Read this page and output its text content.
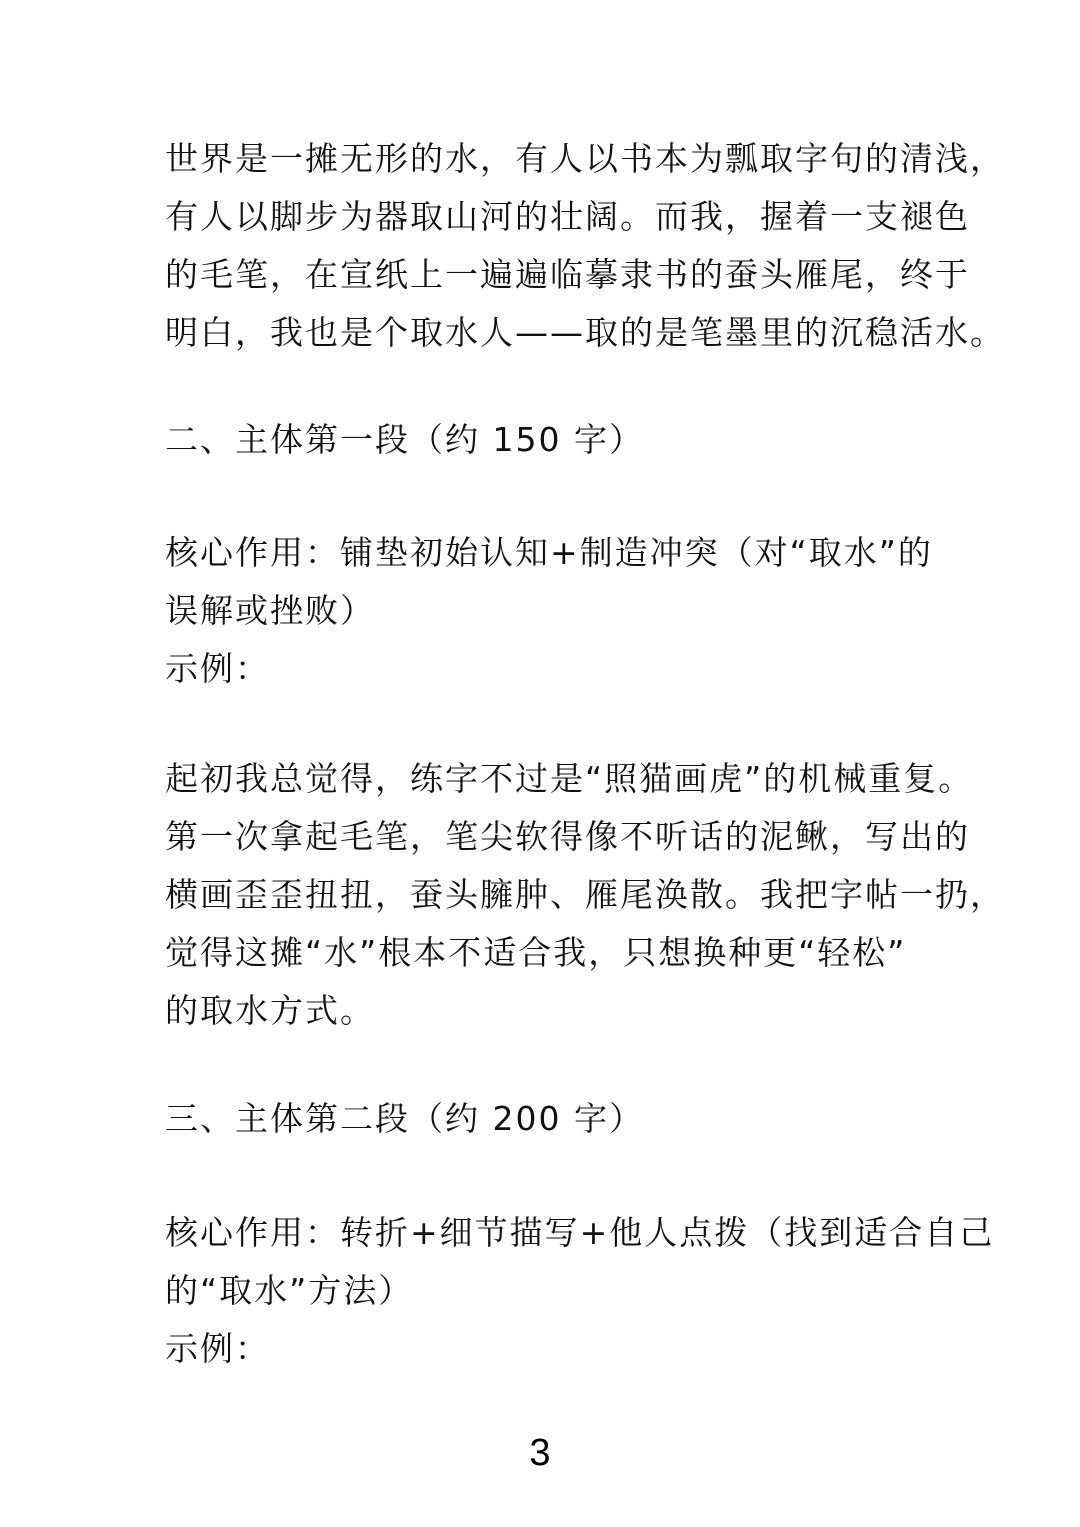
世界是一摊无形的水，有人以书本为瓢取字句的清浅，
有人以脚步为器取山河的壮阔。而我，握着一支褪色
的毛笔，在宣纸上一遍遍临摹隶书的蚕头雁尾，终于
明白，我也是个取水人——取的是笔墨里的沉稳活水。
二、主体第一段（约 150 字）
核心作用：铺垫初始认知+制造冲突（对“取水”的
误解或挫败）
示例：
起初我总觉得，练字不过是“照猫画虎”的机械重复。
第一次拿起毛笔，笔尖软得像不听话的泥鳅，写出的
横画歪歪扭扭，蚕头臃肿、雁尾涣散。我把字帖一扔，
觉得这摊“水”根本不适合我，只想换种更“轻松”
的取水方式。
三、主体第二段（约 200 字）
核心作用：转折+细节描写+他人点拨（找到适合自己
的“取水”方法）
示例：
3
